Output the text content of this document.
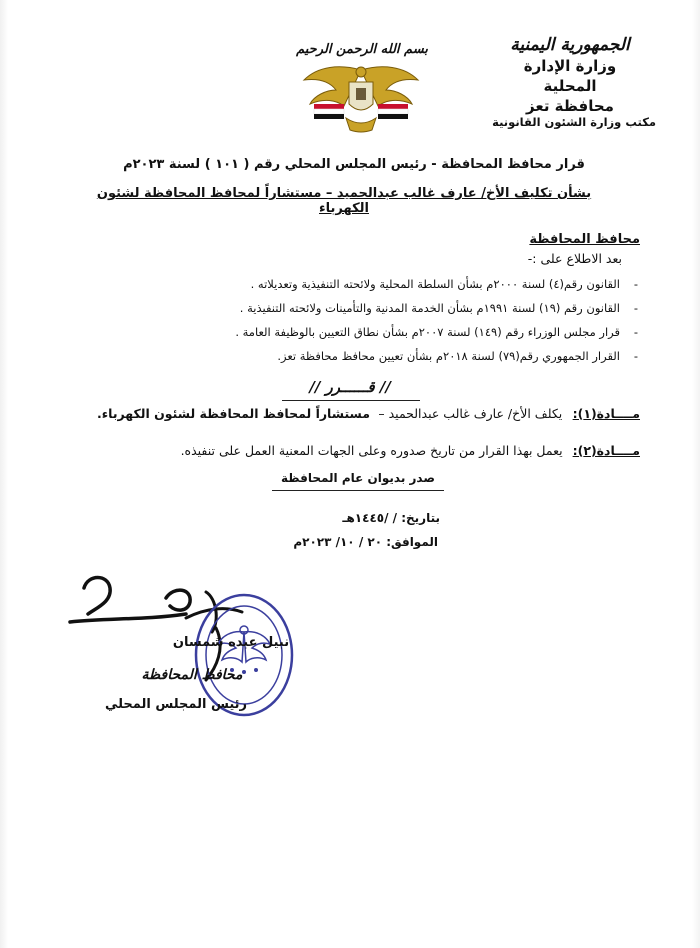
الجمهورية اليمنية
وزارة الإدارة المحلية
محافظة تعز
مكتب وزارة الشئون القانونية
بسم الله الرحمن الرحيم
قرار محافظ المحافظة - رئيس المجلس المحلي رقم ( ١٠١ ) لسنة ٢٠٢٣م
بشأن تكليف الأخ/ عارف غالب عبدالحميد – مستشاراً لمحافظ المحافظة لشئون الكهرباء
محافظ المحافظة
بعد الاطلاع على :-
- القانون رقم(٤) لسنة ٢٠٠٠م بشأن السلطة المحلية ولائحته التنفيذية وتعديلاته .
- القانون رقم (١٩) لسنة ١٩٩١م بشأن الخدمة المدنية والتأمينات ولائحته التنفيذية .
- قرار مجلس الوزراء رقم (١٤٩) لسنة ٢٠٠٧م بشأن نطاق التعيين بالوظيفة العامة .
- القرار الجمهوري رقم(٧٩) لسنة ٢٠١٨م بشأن تعيين محافظ محافظة تعز.
// قــــــرر //
مــــادة(١): يكلف الأخ/ عارف غالب عبدالحميد – مستشاراً لمحافظ المحافظة لشئون الكهرباء.
مــــادة(٢): يعمل بهذا القرار من تاريخ صدوره وعلى الجهات المعنية العمل على تنفيذه.
صدر بديوان عام المحافظة
بتاريخ: / /١٤٤٥هـ
الموافق: ٢٠ / ١٠/ ٢٠٢٣م
نبيل عبده شمسان
محافظ المحافظة
رئيس المجلس المحلي
